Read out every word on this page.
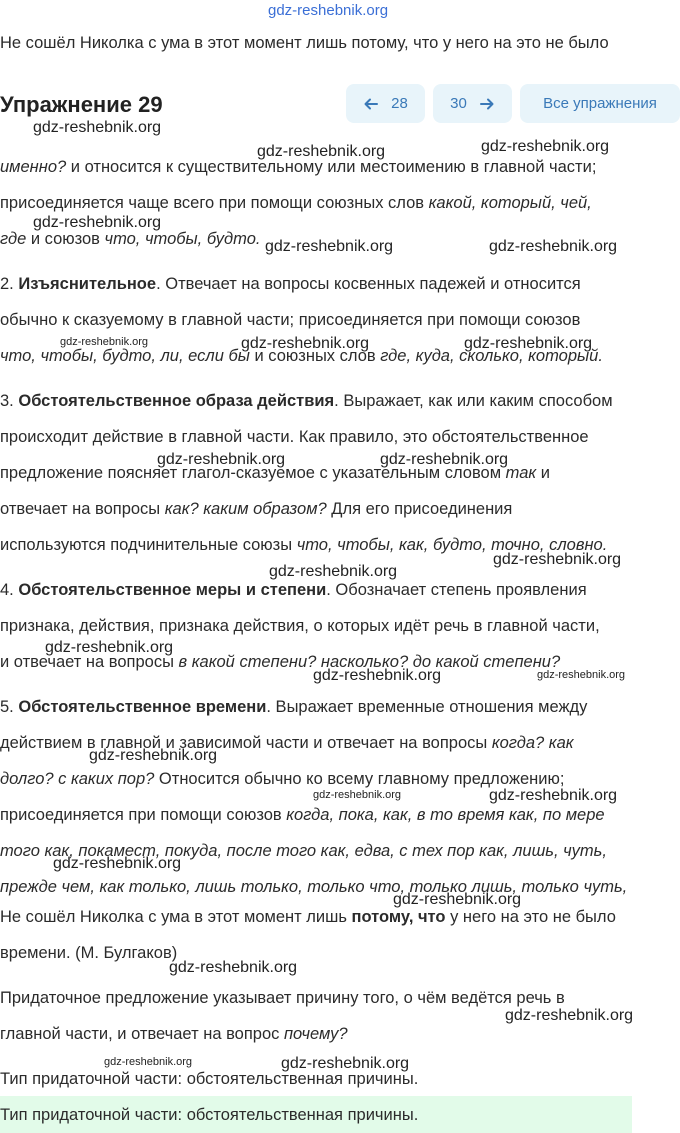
gdz-reshebnik.org
Не сошёл Николка с ума в этот момент лишь потому, что у него на это не было
Упражнение 29	28	30	Все упражнения
именно? и относится к существительному или местоимению в главной части;
присоединяется чаще всего при помощи союзных слов какой, который, чей,
где и союзов что, чтобы, будто.
2. Изъяснительное. Отвечает на вопросы косвенных падежей и относится
обычно к сказуемому в главной части; присоединяется при помощи союзов
что, чтобы, будто, ли, если бы и союзных слов где, куда, сколько, который.
3. Обстоятельственное образа действия. Выражает, как или каким способом
происходит действие в главной части. Как правило, это обстоятельственное
предложение поясняет глагол-сказуемое с указательным словом так и
отвечает на вопросы как? каким образом? Для его присоединения
используются подчинительные союзы что, чтобы, как, будто, точно, словно.
4. Обстоятельственное меры и степени. Обозначает степень проявления
признака, действия, признака действия, о которых идёт речь в главной части,
и отвечает на вопросы в какой степени? насколько? до какой степени?
5. Обстоятельственное времени. Выражает временные отношения между
действием в главной и зависимой части и отвечает на вопросы когда? как
долго? с каких пор? Относится обычно ко всему главному предложению;
присоединяется при помощи союзов когда, пока, как, в то время как, по мере
того как, покамест, покуда, после того как, едва, с тех пор как, лишь, чуть,
прежде чем, как только, лишь только, только что, только лишь, только чуть,
Не сошёл Николка с ума в этот момент лишь потому, что у него на это не было
времени. (М. Булгаков)
Придаточное предложение указывает причину того, о чём ведётся речь в
главной части, и отвечает на вопрос почему?
Тип придаточной части: обстоятельственная причины.
Тип придаточной части: обстоятельственная причины.
gdz-reshebnik.org
gdz-reshebnik.org
gdz-reshebnik.org
gdz-reshebnik.org
gdz-reshebnik.org	gdz-reshebnik.org
gdz-reshebnik.org	gdz-reshebnik.org	gdz-reshebnik.org
gdz-reshebnik.org	gdz-reshebnik.org
gdz-reshebnik.org
gdz-reshebnik.org
gdz-reshebnik.org
gdz-reshebnik.org	gdz-reshebnik.org
gdz-reshebnik.org
gdz-reshebnik.org	gdz-reshebnik.org
gdz-reshebnik.org
gdz-reshebnik.org
gdz-reshebnik.org
gdz-reshebnik.org
gdz-reshebnik.org	gdz-reshebnik.org
